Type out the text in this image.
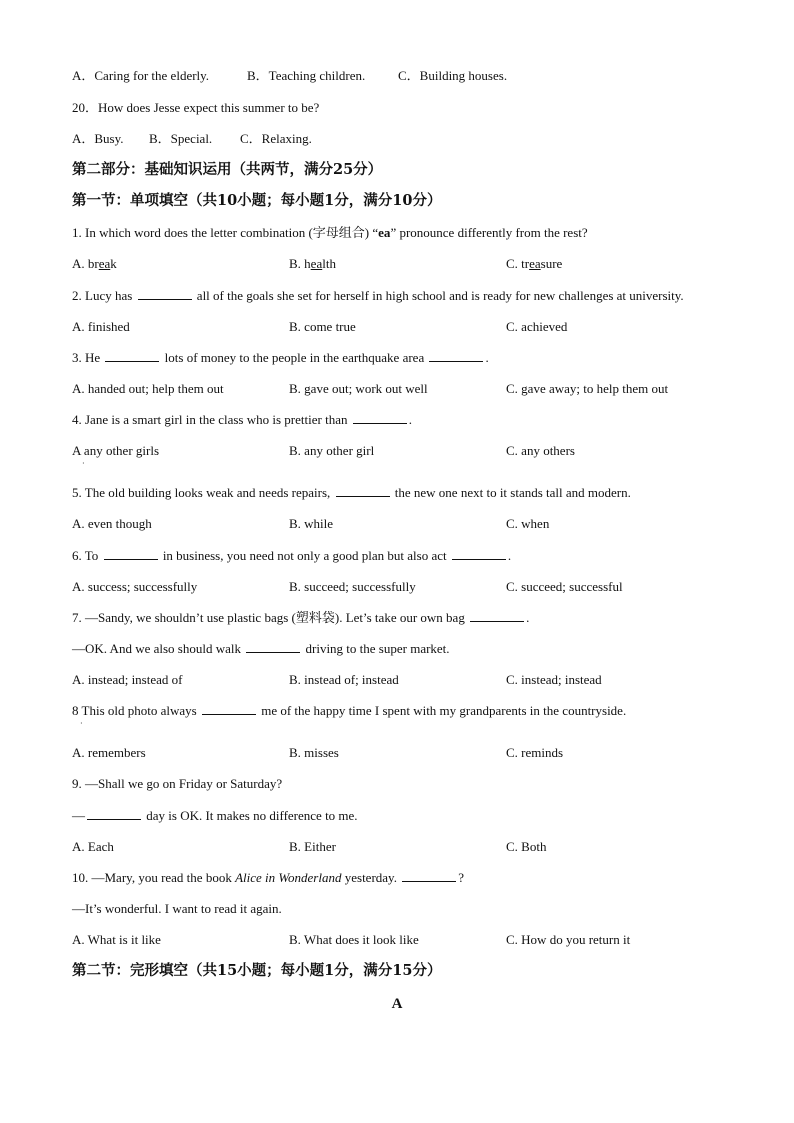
A．Caring for the elderly.	B．Teaching children.	C．Building houses.
20．How does Jesse expect this summer to be?
A．Busy. B．Special. C．Relaxing.
第二部分：基础知识运用（共两节，满分25分）
第一节：单项填空（共10小题；每小题1分，满分10分）
1. In which word does the letter combination (字母组合) “ea” pronounce differently from the rest?
A. break	B. health	C. treasure
2. Lucy has	all of the goals she set for herself in high school and is ready for new challenges at university.
A. finished	B. come true	C. achieved
3. He	lots of money to the people in the earthquake area	.
A. handed out; help them out	B. gave out; work out well	C. gave away; to help them out
4. Jane is a smart girl in the class who is prettier than	.
A any other girls
·
B. any other girl	C. any others
5. The old building looks weak and needs repairs,	the new one next to it stands tall and modern.
A. even though	B. while	C. when
6. To	in business, you need not only a good plan but also act	.
A. success; successfully	B. succeed; successfully	C. succeed; successful
7. —Sandy, we shouldn’t use plastic bags (塑料袋). Let’s take our own bag	.
—OK. And we also should walk	driving to the super market.
A. instead; instead of	B. instead of; instead	C. instead; instead
8 This old photo always	me of the happy time I spent with my grandparents in the countryside.
·
A. remembers	B. misses	C. reminds
9. —Shall we go on Friday or Saturday?
—	day is OK. It makes no difference to me.
A. Each	B. Either	C. Both
10. —Mary, you read the book Alice in Wonderland yesterday.	?
—It’s wonderful. I want to read it again.
A. What is it like	B. What does it look like	C. How do you return it
第二节：完形填空（共15小题；每小题1分，满分15分）
A
